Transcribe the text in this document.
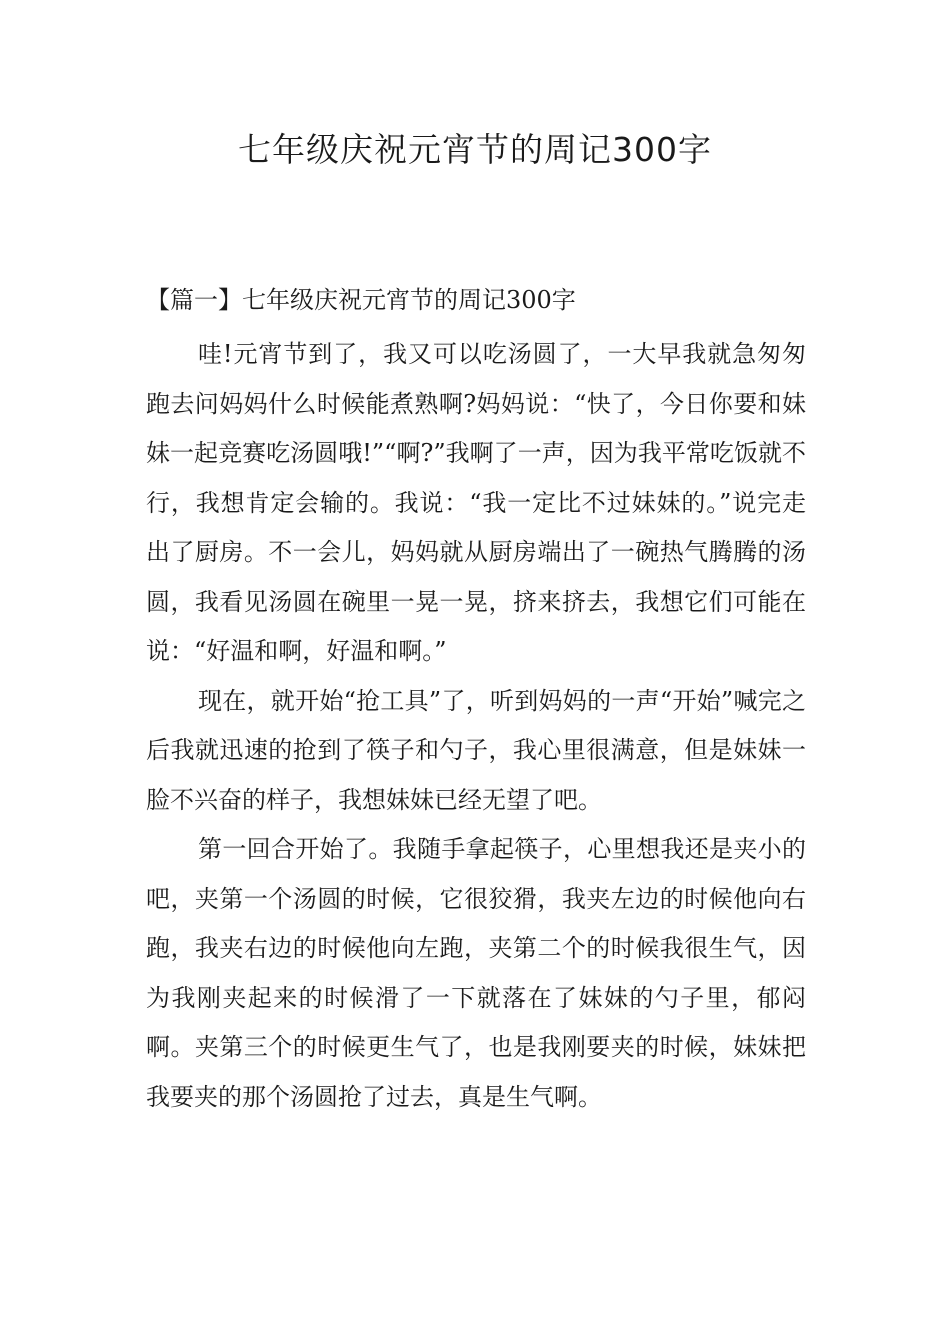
七年级庆祝元宵节的周记300字
【篇一】七年级庆祝元宵节的周记300字

哇!元宵节到了，我又可以吃汤圆了，一大早我就急匆匆跑去问妈妈什么时候能煮熟啊?妈妈说：“快了，今日你要和妹妹一起竞赛吃汤圆哦!”“啊?”我啊了一声，因为我平常吃饭就不行，我想肯定会输的。我说：“我一定比不过妹妹的。”说完走出了厨房。不一会儿，妈妈就从厨房端出了一碗热气腾腾的汤圆，我看见汤圆在碗里一晃一晃，挤来挤去，我想它们可能在说：“好温和啊，好温和啊。”

现在，就开始“抢工具”了，听到妈妈的一声“开始”喊完之后我就迅速的抢到了筷子和勺子，我心里很满意，但是妹妹一脸不兴奋的样子，我想妹妹已经无望了吧。

第一回合开始了。我随手拿起筷子，心里想我还是夹小的吧，夹第一个汤圆的时候，它很狡猾，我夹左边的时候他向右跑，我夹右边的时候他向左跑，夹第二个的时候我很生气，因为我刚夹起来的时候滑了一下就落在了妹妹的勺子里，郁闷啊。夹第三个的时候更生气了，也是我刚要夹的时候，妹妹把我要夹的那个汤圆抢了过去，真是生气啊。
